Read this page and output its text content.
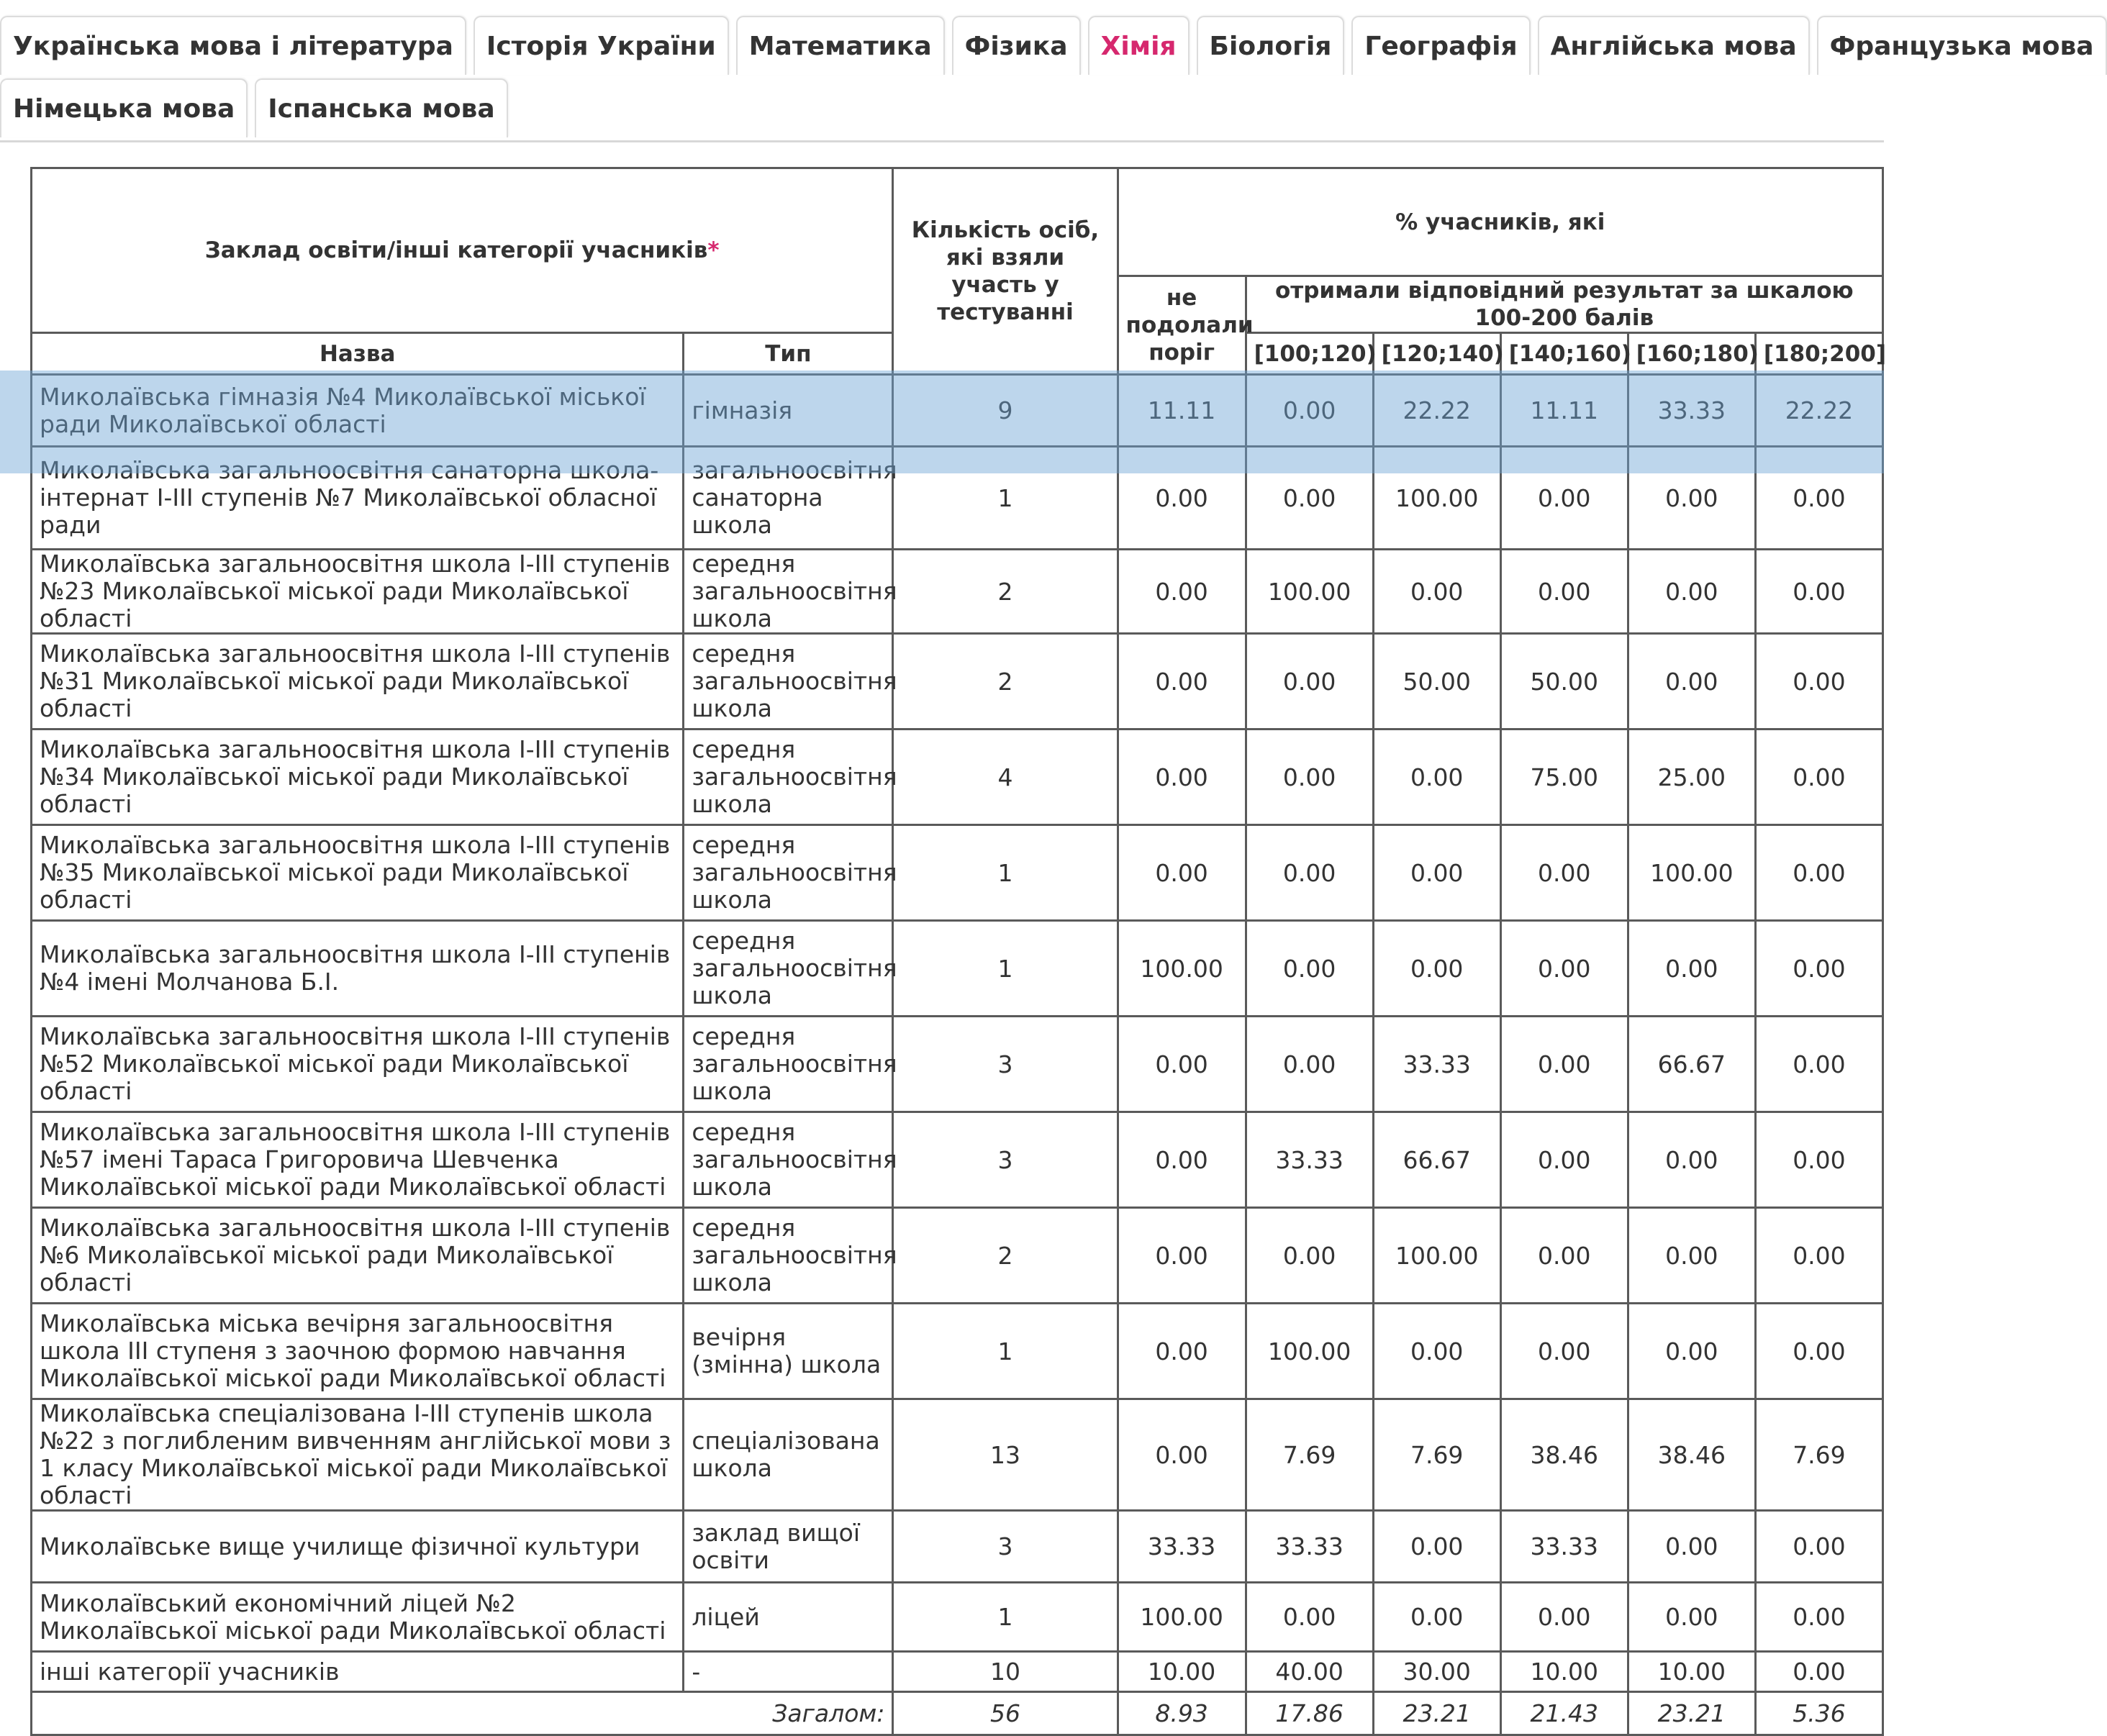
Українська мова і література	Історія України	Математика	Фізика	Хімія	Біологія	Географія	Англійська мова	Французька мова
Німецька мова	Іспанська мова
Заклад освіти/інші категорії учасників*		Кількість осіб, які взяли участь у тестуванні	% учасників, які					
			не подолали поріг	отримали відповідний результат за шкалою 100-200 балів				
Назва	Тип			[100;120)	[120;140)	[140;160)	[160;180)	[180;200]
Миколаївська гімназія №4 Миколаївської міської ради Миколаївської області	гімназія	9	11.11	0.00	22.22	11.11	33.33	22.22
Миколаївська загальноосвітня санаторна школа-інтернат І-ІІІ ступенів №7 Миколаївської обласної ради	загальноосвітня санаторна школа	1	0.00	0.00	100.00	0.00	0.00	0.00
Миколаївська загальноосвітня школа І-ІІІ ступенів №23 Миколаївської міської ради Миколаївської області	середня загальноосвітня школа	2	0.00	100.00	0.00	0.00	0.00	0.00
Миколаївська загальноосвітня школа І-ІІІ ступенів №31 Миколаївської міської ради Миколаївської області	середня загальноосвітня школа	2	0.00	0.00	50.00	50.00	0.00	0.00
Миколаївська загальноосвітня школа І-ІІІ ступенів №34 Миколаївської міської ради Миколаївської області	середня загальноосвітня школа	4	0.00	0.00	0.00	75.00	25.00	0.00
Миколаївська загальноосвітня школа І-ІІІ ступенів №35 Миколаївської міської ради Миколаївської області	середня загальноосвітня школа	1	0.00	0.00	0.00	0.00	100.00	0.00
Миколаївська загальноосвітня школа І-ІІІ ступенів №4 імені Молчанова Б.І.	середня загальноосвітня школа	1	100.00	0.00	0.00	0.00	0.00	0.00
Миколаївська загальноосвітня школа І-ІІІ ступенів №52 Миколаївської міської ради Миколаївської області	середня загальноосвітня школа	3	0.00	0.00	33.33	0.00	66.67	0.00
Миколаївська загальноосвітня школа І-ІІІ ступенів №57 імені Тараса Григоровича Шевченка Миколаївської міської ради Миколаївської області	середня загальноосвітня школа	3	0.00	33.33	66.67	0.00	0.00	0.00
Миколаївська загальноосвітня школа І-ІІІ ступенів №6 Миколаївської міської ради Миколаївської області	середня загальноосвітня школа	2	0.00	0.00	100.00	0.00	0.00	0.00
Миколаївська міська вечірня загальноосвітня школа ІІІ ступеня з заочною формою навчання Миколаївської міської ради Миколаївської області	вечірня (змінна) школа	1	0.00	100.00	0.00	0.00	0.00	0.00
Миколаївська спеціалізована І-ІІІ ступенів школа №22 з поглибленим вивченням англійської мови з 1 класу Миколаївської міської ради Миколаївської області	спеціалізована школа	13	0.00	7.69	7.69	38.46	38.46	7.69
Миколаївське вище училище фізичної культури	заклад вищої освіти	3	33.33	33.33	0.00	33.33	0.00	0.00
Миколаївський економічний ліцей №2 Миколаївської міської ради Миколаївської області	ліцей	1	100.00	0.00	0.00	0.00	0.00	0.00
інші категорії учасників	-	10	10.00	40.00	30.00	10.00	10.00	0.00
Загалом:		56	8.93	17.86	23.21	21.43	23.21	5.36
